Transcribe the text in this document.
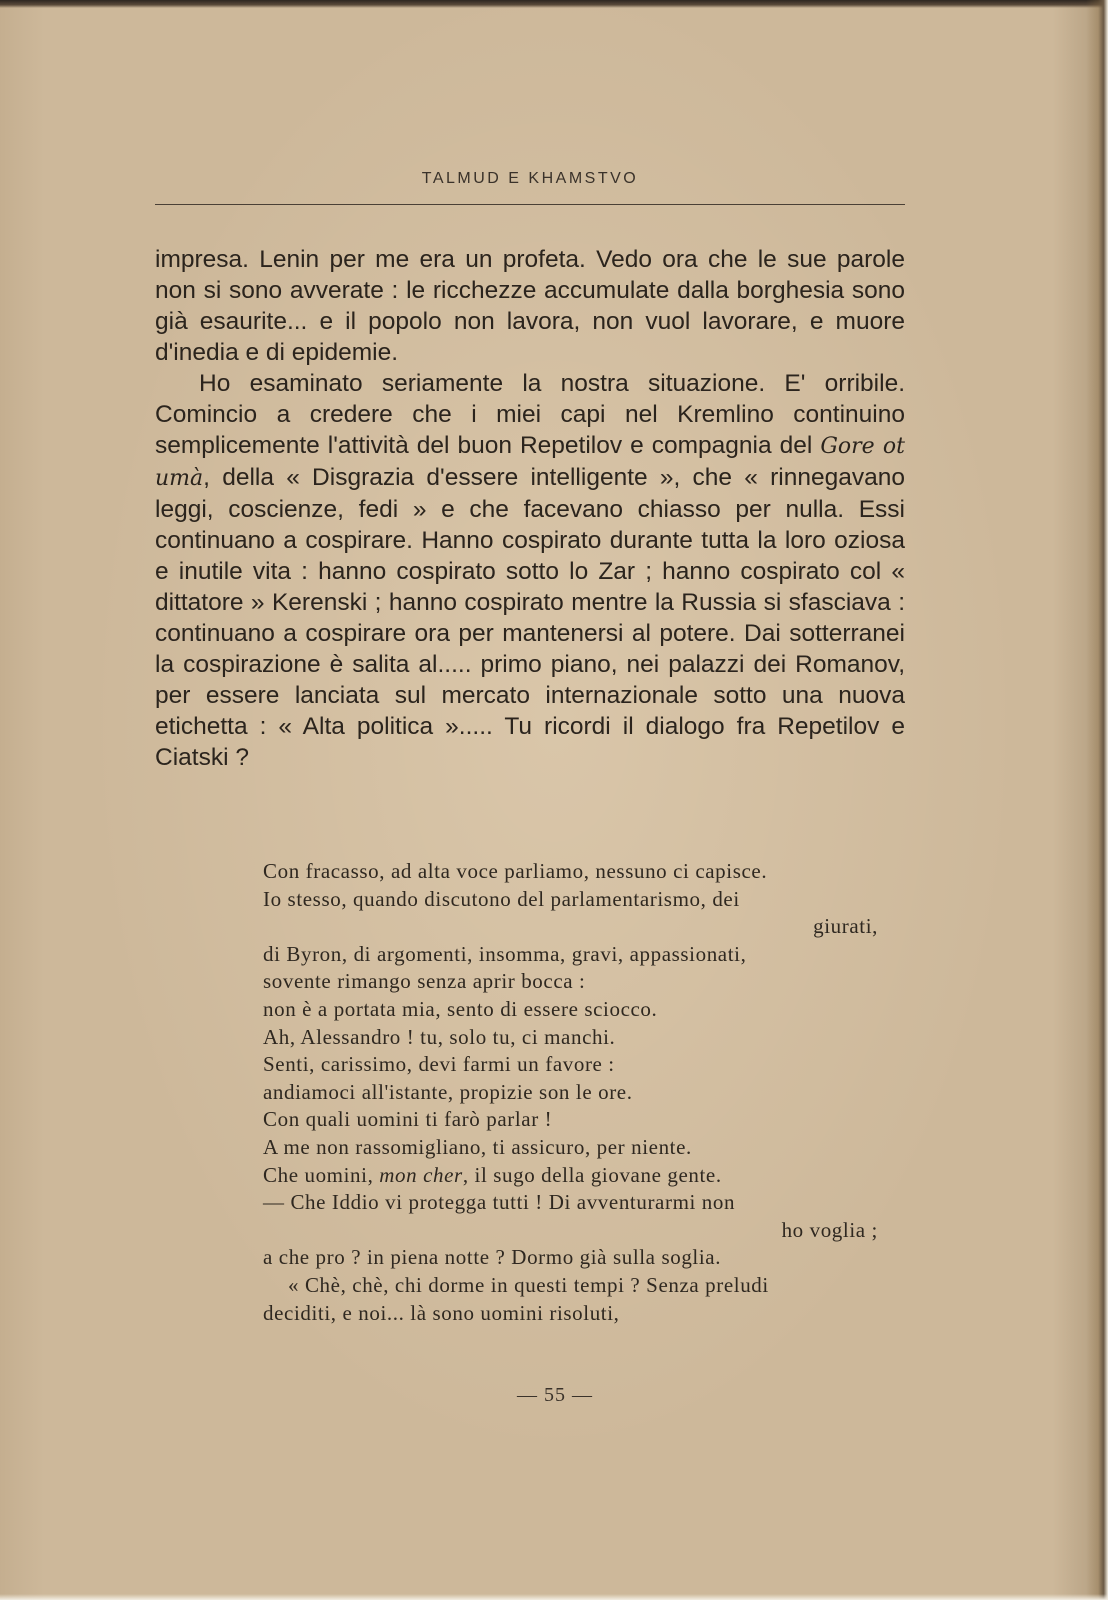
TALMUD E KHAMSTVO

impresa. Lenin per me era un profeta. Vedo ora che le sue parole non si sono avverate : le ricchezze accumulate dalla borghesia sono già esaurite... e il popolo non lavora, non vuol lavorare, e muore d'inedia e di epidemie.

Ho esaminato seriamente la nostra situazione. E' orribile. Comincio a credere che i miei capi nel Kremlino continuino semplicemente l'attività del buon Repetilov e compagnia del Gore ot umà, della « Disgrazia d'essere intelligente », che « rinnegavano leggi, coscienze, fedi » e che facevano chiasso per nulla. Essi continuano a cospirare. Hanno cospirato durante tutta la loro oziosa e inutile vita : hanno cospirato sotto lo Zar ; hanno cospirato col « dittatore » Kerenski ; hanno cospirato mentre la Russia si sfasciava : continuano a cospirare ora per mantenersi al potere. Dai sotterranei la cospirazione è salita al..... primo piano, nei palazzi dei Romanov, per essere lanciata sul mercato internazionale sotto una nuova etichetta : « Alta politica »..... Tu ricordi il dialogo fra Repetilov e Ciatski ?

Con fracasso, ad alta voce parliamo, nessuno ci capisce.
Io stesso, quando discutono del parlamentarismo, dei
giurati,
di Byron, di argomenti, insomma, gravi, appassionati,
sovente rimango senza aprir bocca :
non è a portata mia, sento di essere sciocco.
Ah, Alessandro ! tu, solo tu, ci manchi.
Senti, carissimo, devi farmi un favore :
andiamoci all'istante, propizie son le ore.
Con quali uomini ti farò parlar !
A me non rassomigliano, ti assicuro, per niente.
Che uomini, mon cher, il sugo della giovane gente.
— Che Iddio vi protegga tutti ! Di avventurarmi non
ho voglia ;
a che pro ? in piena notte ? Dormo già sulla soglia.
« Chè, chè, chi dorme in questi tempi ? Senza preludi
deciditi, e noi... là sono uomini risoluti,
— 55 —
